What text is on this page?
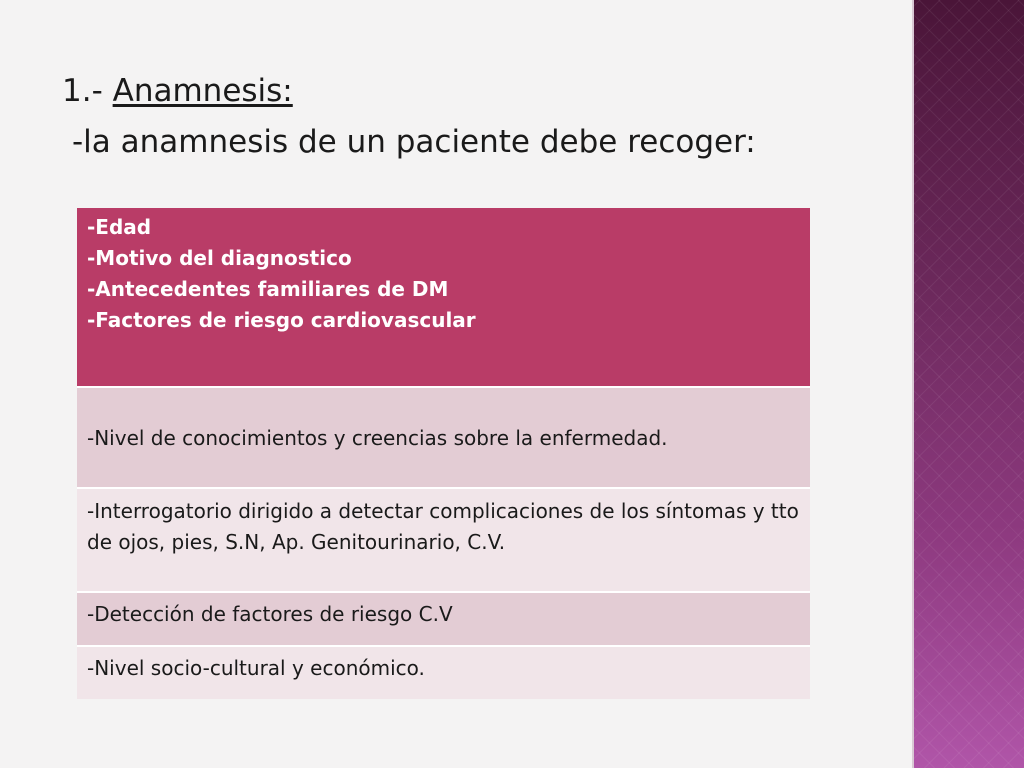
1.- Anamnesis:
-la anamnesis de un paciente debe recoger:
-Edad
-Motivo del diagnostico
-Antecedentes familiares de DM
-Factores de riesgo cardiovascular
-Nivel de conocimientos y creencias sobre la enfermedad.
-Interrogatorio dirigido a detectar complicaciones de los síntomas y tto de ojos, pies, S.N, Ap. Genitourinario, C.V.
-Detección de factores de riesgo C.V
-Nivel socio-cultural y económico.
